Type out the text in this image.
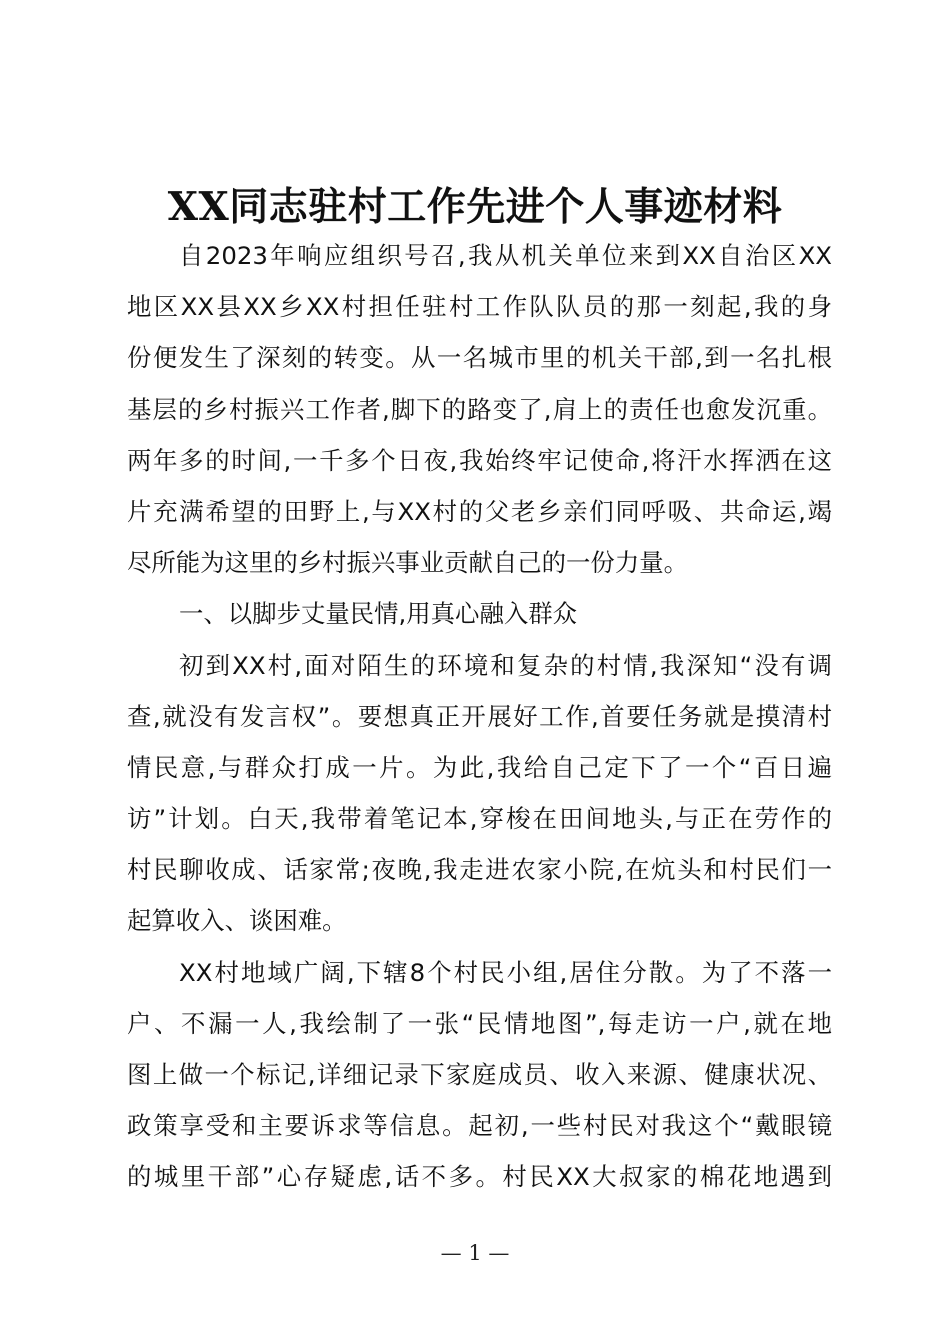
XX同志驻村工作先进个人事迹材料
自2023年响应组织号召,我从机关单位来到XX自治区XX
地区XX县XX乡XX村担任驻村工作队队员的那一刻起,我的身
份便发生了深刻的转变。从一名城市里的机关干部,到一名扎根
基层的乡村振兴工作者,脚下的路变了,肩上的责任也愈发沉重。
两年多的时间,一千多个日夜,我始终牢记使命,将汗水挥洒在这
片充满希望的田野上,与XX村的父老乡亲们同呼吸、共命运,竭
尽所能为这里的乡村振兴事业贡献自己的一份力量。
一、以脚步丈量民情,用真心融入群众
初到XX村,面对陌生的环境和复杂的村情,我深知“没有调
查,就没有发言权”。要想真正开展好工作,首要任务就是摸清村
情民意,与群众打成一片。为此,我给自己定下了一个“百日遍
访”计划。白天,我带着笔记本,穿梭在田间地头,与正在劳作的
村民聊收成、话家常;夜晚,我走进农家小院,在炕头和村民们一
起算收入、谈困难。
XX村地域广阔,下辖8个村民小组,居住分散。为了不落一
户、不漏一人,我绘制了一张“民情地图”,每走访一户,就在地
图上做一个标记,详细记录下家庭成员、收入来源、健康状况、
政策享受和主要诉求等信息。起初,一些村民对我这个“戴眼镜
的城里干部”心存疑虑,话不多。村民XX大叔家的棉花地遇到
— 1 —
